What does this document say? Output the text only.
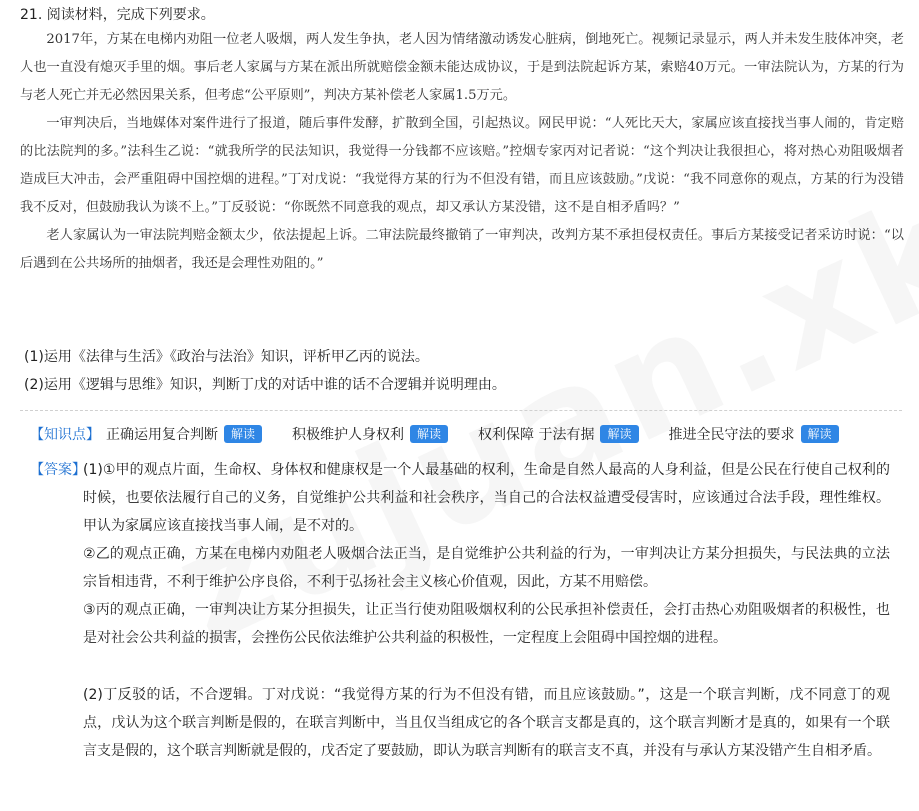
21. 阅读材料，完成下列要求。

2017年，方某在电梯内劝阻一位老人吸烟，两人发生争执，老人因为情绪激动诱发心脏病，倒地死亡。视频记录显示，两人并未发生肢体冲突，老人也一直没有熄灭手里的烟。事后老人家属与方某在派出所就赔偿金额未能达成协议，于是到法院起诉方某，索赔40万元。一审法院认为，方某的行为与老人死亡并无必然因果关系，但考虑“公平原则”，判决方某补偿老人家属1.5万元。

一审判决后，当地媒体对案件进行了报道，随后事件发酵，扩散到全国，引起热议。网民甲说：“人死比天大，家属应该直接找当事人闹的，肯定赔的比法院判的多。”法科生乙说：“就我所学的民法知识，我觉得一分钱都不应该赔。”控烟专家丙对记者说：“这个判决让我很担心，将对热心劝阻吸烟者造成巨大冲击，会严重阻碍中国控烟的进程。”丁对戊说：“我觉得方某的行为不但没有错，而且应该鼓励。”戊说：“我不同意你的观点，方某的行为没错我不反对，但鼓励我认为谈不上。”丁反驳说：“你既然不同意我的观点，却又承认方某没错，这不是自相矛盾吗？”

老人家属认为一审法院判赔金额太少，依法提起上诉。二审法院最终撤销了一审判决，改判方某不承担侵权责任。事后方某接受记者采访时说：“以后遇到在公共场所的抽烟者，我还是会理性劝阻的。”

(1)运用《法律与生活》《政治与法治》知识，评析甲乙丙的说法。

(2)运用《逻辑与思维》知识，判断丁戊的对话中谁的话不合逻辑并说明理由。

【知识点】 正确运用复合判断	解读	积极维护人身权利	解读	权利保障 于法有据	解读	推进全民守法的要求	解读
【答案】

(1)①甲的观点片面，生命权、身体权和健康权是一个人最基础的权利，生命是自然人最高的人身利益，但是公民在行使自己权利的时候，也要依法履行自己的义务，自觉维护公共利益和社会秩序，当自己的合法权益遭受侵害时，应该通过合法手段，理性维权。甲认为家属应该直接找当事人闹，是不对的。

②乙的观点正确，方某在电梯内劝阻老人吸烟合法正当，是自觉维护公共利益的行为，一审判决让方某分担损失，与民法典的立法宗旨相违背，不利于维护公序良俗，不利于弘扬社会主义核心价值观，因此，方某不用赔偿。

③丙的观点正确，一审判决让方某分担损失，让正当行使劝阻吸烟权利的公民承担补偿责任，会打击热心劝阻吸烟者的积极性，也是对社会公共利益的损害，会挫伤公民依法维护公共利益的积极性，一定程度上会阻碍中国控烟的进程。

(2)丁反驳的话，不合逻辑。丁对戊说：“我觉得方某的行为不但没有错，而且应该鼓励。”，这是一个联言判断，戊不同意丁的观点，戊认为这个联言判断是假的，在联言判断中，当且仅当组成它的各个联言支都是真的，这个联言判断才是真的，如果有一个联言支是假的，这个联言判断就是假的，戊否定了要鼓励，即认为联言判断有的联言支不真，并没有与承认方某没错产生自相矛盾。
